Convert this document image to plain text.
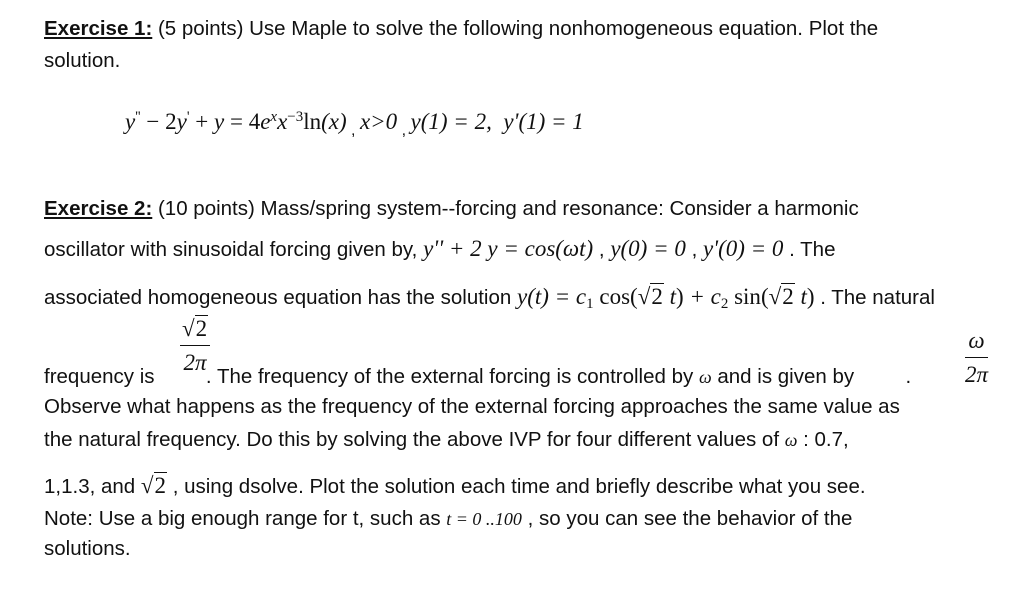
Exercise 1: (5 points) Use Maple to solve the following nonhomogeneous equation. Plot the
solution.
$y'' - 2y' + y = 4e^xx^{-3}\ln(x)$ $_,$ x>0 $_,$ y(1) = 2, y'(1) = 1
Exercise 2: (10 points) Mass/spring system--forcing and resonance: Consider a harmonic
oscillator with sinusoidal forcing given by, y'' + 2 y = cos(ωt) , y(0) = 0 , y'(0) = 0 . The
associated homogeneous equation has the solution $y(t) = c_1$ cos(√2 $t) + c_2$ sin(√2 t) . The natural
√2
2π
ω
2π
frequency is  . The frequency of the external forcing is controlled by ω and is given by  .
Observe what happens as the frequency of the external forcing approaches the same value as
the natural frequency. Do this by solving the above IVP for four different values of ω : 0.7,
1,1.3, and √2 , using dsolve. Plot the solution each time and briefly describe what you see.
Note: Use a big enough range for t, such as t = 0 ..100 , so you can see the behavior of the
solutions.
